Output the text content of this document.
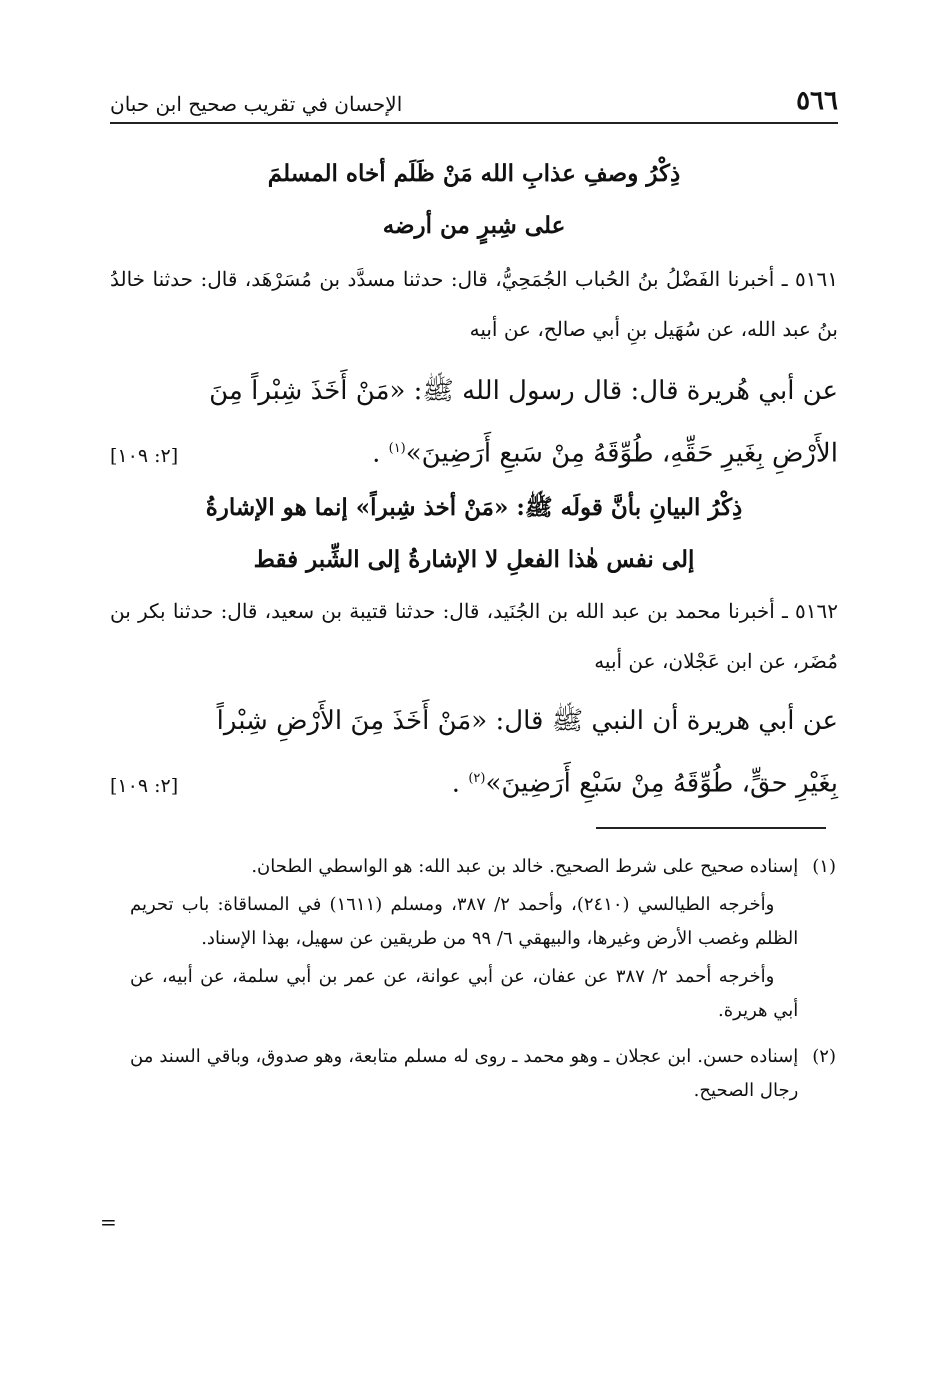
٥٦٦
الإحسان في تقريب صحيح ابن حبان
ذِكْرُ وصفِ عذابِ الله مَنْ ظَلَم أخاه المسلمَ
على شِبرٍ من أرضه
٥١٦١ ـ أخبرنا الفَضْلُ بنُ الحُباب الجُمَحِيُّ، قال: حدثنا مسدَّد بن مُسَرْهَد، قال: حدثنا خالدُ بنُ عبد الله، عن سُهَيل بنِ أبي صالح، عن أبيه
عن أبي هُريرة قال: قال رسول الله ﷺ: «مَنْ أَخَذَ شِبْراً مِنَ
الأَرْضِ بِغَيرِ حَقِّهِ، طُوِّقَهُ مِنْ سَبعِ أَرَضِينَ»$^{(١)}$ .
[٢: ١٠٩]
ذِكْرُ البيانِ بأنَّ قولَه ﷺ: «مَنْ أخذ شِبراً» إنما هو الإشارةُ
إلى نفس هٰذا الفعلِ لا الإشارةُ إلى الشِّبر فقط
٥١٦٢ ـ أخبرنا محمد بن عبد الله بن الجُنَيد، قال: حدثنا قتيبة بن سعيد، قال: حدثنا بكر بن مُضَر، عن ابن عَجْلان، عن أبيه
عن أبي هريرة أن النبي ﷺ قال: «مَنْ أَخَذَ مِنَ الأَرْضِ شِبْراً
بِغَيْرِ حقٍّ، طُوِّقَهُ مِنْ سَبْعِ أَرَضِينَ»$^{(٢)}$ .
[٢: ١٠٩]
(١)

إسناده صحيح على شرط الصحيح. خالد بن عبد الله: هو الواسطي الطحان.

وأخرجه الطيالسي (٢٤١٠)، وأحمد ٢/ ٣٨٧، ومسلم (١٦١١) في المساقاة: باب تحريم الظلم وغصب الأرض وغيرها، والبيهقي ٦/ ٩٩ من طريقين عن سهيل، بهذا الإسناد.

وأخرجه أحمد ٢/ ٣٨٧ عن عفان، عن أبي عوانة، عن عمر بن أبي سلمة، عن أبيه، عن أبي هريرة.

(٢)

إسناده حسن. ابن عجلان ـ وهو محمد ـ روى له مسلم متابعة، وهو صدوق، وباقي السند من رجال الصحيح.

=
